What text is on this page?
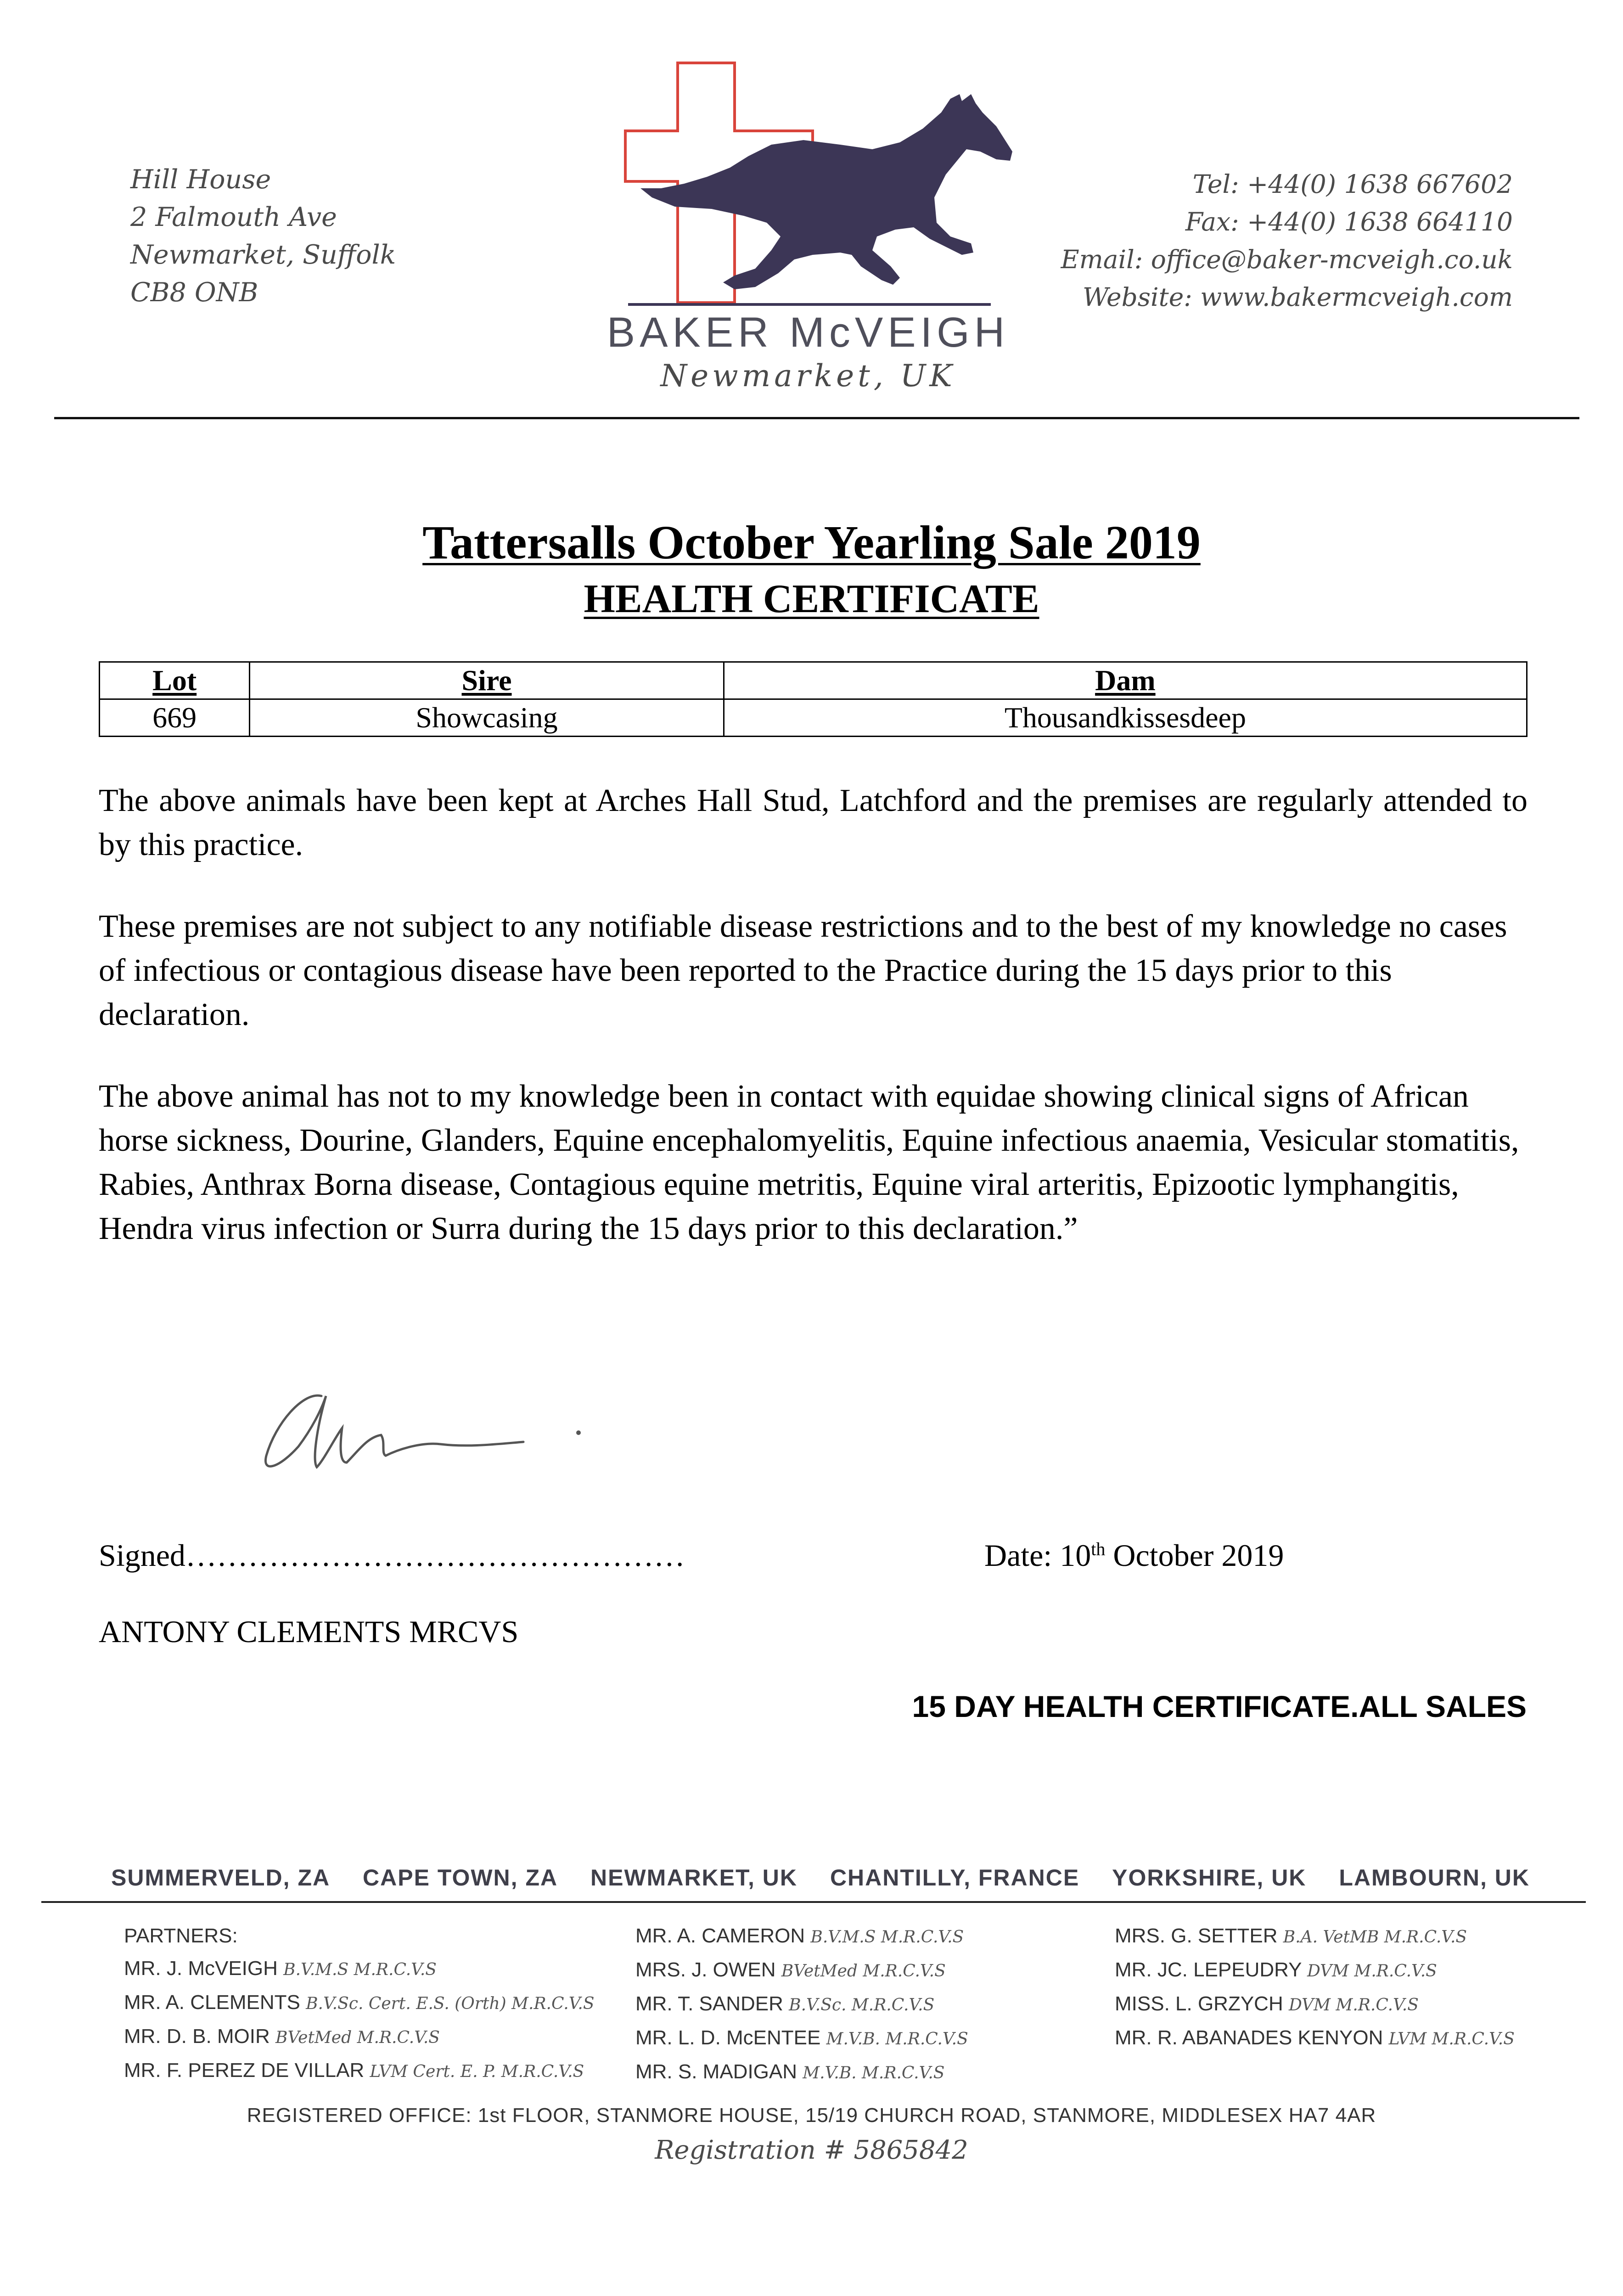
Hill House
2 Falmouth Ave
Newmarket, Suffolk
CB8 ONB
BAKER McVEIGH
Newmarket, UK
Tel: +44(0) 1638 667602
Fax: +44(0) 1638 664110
Email: office@baker-mcveigh.co.uk
Website: www.bakermcveigh.com
Tattersalls October Yearling Sale 2019
HEALTH CERTIFICATE
Lot	Sire	Dam
669	Showcasing	Thousandkissesdeep
The above animals have been kept at Arches Hall Stud, Latchford and the premises are regularly attended to by this practice.
These premises are not subject to any notifiable disease restrictions and to the best of my knowledge no cases of infectious or contagious disease have been reported to the Practice during the 15 days prior to this declaration.
The above animal has not to my knowledge been in contact with equidae showing clinical signs of African horse sickness, Dourine, Glanders, Equine encephalomyelitis, Equine infectious anaemia, Vesicular stomatitis, Rabies, Anthrax Borna disease, Contagious equine metritis, Equine viral arteritis, Epizootic lymphangitis, Hendra virus infection or Surra during the 15 days prior to this declaration.”
Signed…………………………………………	Date: 10th October 2019
ANTONY CLEMENTS MRCVS
15 DAY HEALTH CERTIFICATE.ALL SALES
SUMMERVELD, ZA CAPE TOWN, ZA NEWMARKET, UK CHANTILLY, FRANCE YORKSHIRE, UK LAMBOURN, UK
PARTNERS:
MR. J. McVEIGH B.V.M.S M.R.C.V.S
MR. A. CLEMENTS B.V.Sc. Cert. E.S. (Orth) M.R.C.V.S
MR. D. B. MOIR BVetMed M.R.C.V.S
MR. F. PEREZ DE VILLAR LVM Cert. E. P. M.R.C.V.S
MR. A. CAMERON B.V.M.S M.R.C.V.S
MRS. J. OWEN BVetMed M.R.C.V.S
MR. T. SANDER B.V.Sc. M.R.C.V.S
MR. L. D. McENTEE M.V.B. M.R.C.V.S
MR. S. MADIGAN M.V.B. M.R.C.V.S
MRS. G. SETTER B.A. VetMB M.R.C.V.S
MR. JC. LEPEUDRY DVM M.R.C.V.S
MISS. L. GRZYCH DVM M.R.C.V.S
MR. R. ABANADES KENYON LVM M.R.C.V.S
REGISTERED OFFICE: 1st FLOOR, STANMORE HOUSE, 15/19 CHURCH ROAD, STANMORE, MIDDLESEX HA7 4AR
Registration # 5865842
